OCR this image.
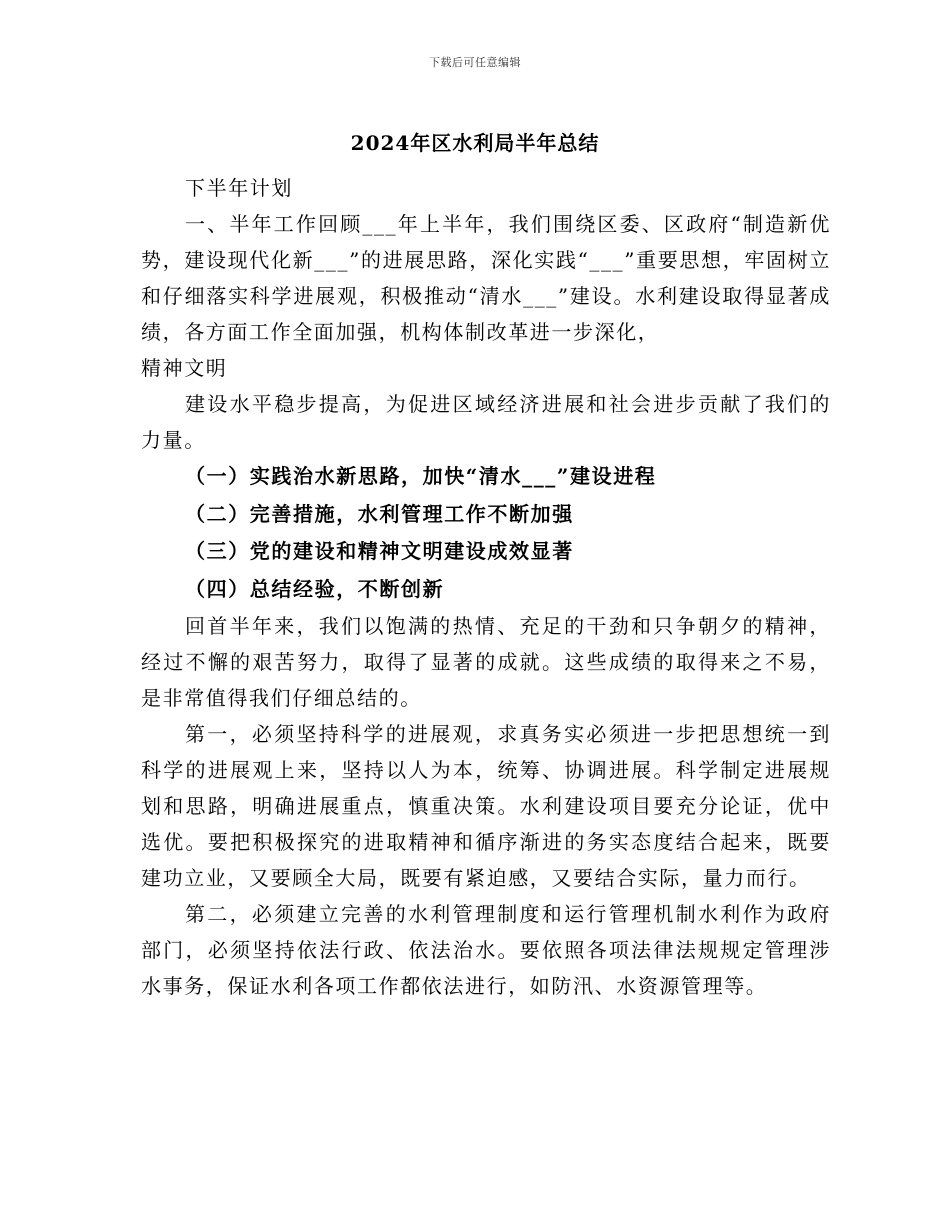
下载后可任意编辑
2024年区水利局半年总结

下半年计划

一、半年工作回顾___年上半年，我们围绕区委、区政府“制造新优势，建设现代化新___”的进展思路，深化实践“___”重要思想，牢固树立和仔细落实科学进展观，积极推动“清水___”建设。水利建设取得显著成绩，各方面工作全面加强，机构体制改革进一步深化，

精神文明

建设水平稳步提高，为促进区域经济进展和社会进步贡献了我们的力量。

（一）实践治水新思路，加快“清水___”建设进程

（二）完善措施，水利管理工作不断加强

（三）党的建设和精神文明建设成效显著

（四）总结经验，不断创新

回首半年来，我们以饱满的热情、充足的干劲和只争朝夕的精神，经过不懈的艰苦努力，取得了显著的成就。这些成绩的取得来之不易，是非常值得我们仔细总结的。

第一，必须坚持科学的进展观，求真务实必须进一步把思想统一到科学的进展观上来，坚持以人为本，统筹、协调进展。科学制定进展规划和思路，明确进展重点，慎重决策。水利建设项目要充分论证，优中选优。要把积极探究的进取精神和循序渐进的务实态度结合起来，既要建功立业，又要顾全大局，既要有紧迫感，又要结合实际，量力而行。

第二，必须建立完善的水利管理制度和运行管理机制水利作为政府部门，必须坚持依法行政、依法治水。要依照各项法律法规规定管理涉水事务，保证水利各项工作都依法进行，如防汛、水资源管理等。
